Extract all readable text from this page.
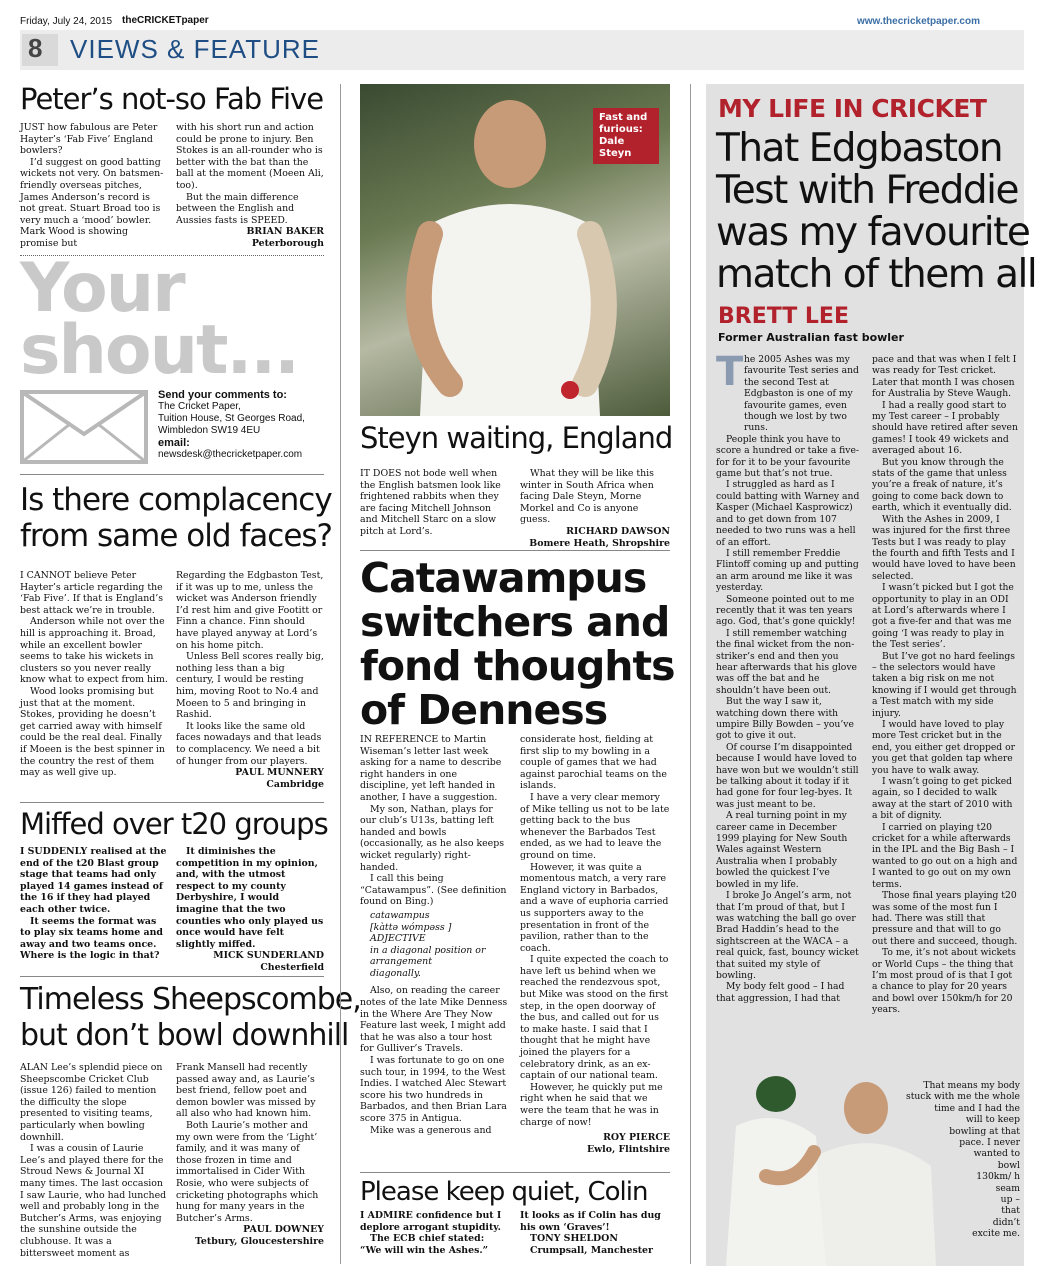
Friday, July 24, 2015 theCRICKETpaper	www.thecricketpaper.com
8 VIEWS & FEATURE
Peter’s not-so Fab Five

JUST how fabulous are Peter Hayter’s ‘Fab Five’ England bowlers?

I’d suggest on good batting wickets not very. On batsmen-friendly overseas pitches, James Anderson’s record is not great. Stuart Broad too is very much a ‘mood’ bowler. Mark Wood is showing promise but

with his short run and action could be prone to injury. Ben Stokes is an all-rounder who is better with the bat than the ball at the moment (Moeen Ali, too).

But the main difference between the English and Aussies fasts is SPEED.

BRIAN BAKER
Peterborough
Your
shout...
Send your comments to:
The Cricket Paper,
Tuition House, St Georges Road,
Wimbledon SW19 4EU
email:
newsdesk@thecricketpaper.com
Is there complacency
from same old faces?

I CANNOT believe Peter Hayter’s article regarding the ‘Fab Five’. If that is England’s best attack we’re in trouble.

Anderson while not over the hill is approaching it. Broad, while an excellent bowler seems to take his wickets in clusters so you never really know what to expect from him.

Wood looks promising but just that at the moment. Stokes, providing he doesn’t get carried away with himself could be the real deal. Finally if Moeen is the best spinner in the country the rest of them may as well give up.

Regarding the Edgbaston Test, if it was up to me, unless the wicket was Anderson friendly I’d rest him and give Footitt or Finn a chance. Finn should have played anyway at Lord’s on his home pitch.

Unless Bell scores really big, nothing less than a big century, I would be resting him, moving Root to No.4 and Moeen to 5 and bringing in Rashid.

It looks like the same old faces nowadays and that leads to complacency. We need a bit of hunger from our players.

PAUL MUNNERY
Cambridge
Miffed over t20 groups

I SUDDENLY realised at the end of the t20 Blast group stage that teams had only played 14 games instead of the 16 if they had played each other twice.

It seems the format was to play six teams home and away and two teams once. Where is the logic in that?

It diminishes the competition in my opinion, and, with the utmost respect to my county Derbyshire, I would imagine that the two counties who only played us once would have felt slightly miffed.

MICK SUNDERLAND
Chesterfield
Timeless Sheepscombe,
but don’t bowl downhill

ALAN Lee’s splendid piece on Sheepscombe Cricket Club (issue 126) failed to mention the difficulty the slope presented to visiting teams, particularly when bowling downhill.

I was a cousin of Laurie Lee’s and played there for the Stroud News & Journal XI many times. The last occasion I saw Laurie, who had lunched well and probably long in the Butcher’s Arms, was enjoying the sunshine outside the clubhouse. It was a bittersweet moment as

Frank Mansell had recently passed away and, as Laurie’s best friend, fellow poet and demon bowler was missed by all also who had known him.

Both Laurie’s mother and my own were from the ‘Light’ family, and it was many of those frozen in time and immortalised in Cider With Rosie, who were subjects of cricketing photographs which hung for many years in the Butcher’s Arms.

PAUL DOWNEY
Tetbury, Gloucestershire
Fast and
furious:
Dale Steyn
Steyn waiting, England

IT DOES not bode well when the English batsmen look like frightened rabbits when they are facing Mitchell Johnson and Mitchell Starc on a slow pitch at Lord’s.

What they will be like this winter in South Africa when facing Dale Steyn, Morne Morkel and Co is anyone guess.

RICHARD DAWSON
Bomere Heath, Shropshire
Catawampus
switchers and
fond thoughts
of Denness

IN REFERENCE to Martin Wiseman’s letter last week asking for a name to describe right handers in one discipline, yet left handed in another, I have a suggestion.

My son, Nathan, plays for our club’s U13s, batting left handed and bowls (occasionally, as he also keeps wicket regularly) right-handed.

I call this being “Catawampus”. (See definition found on Bing.)

catawampus
[kàttə wómpəss ]
ADJECTIVE
in a diagonal position or arrangement
diagonally.

Also, on reading the career notes of the late Mike Denness in the Where Are They Now Feature last week, I might add that he was also a tour host for Gulliver’s Travels.

I was fortunate to go on one such tour, in 1994, to the West Indies. I watched Alec Stewart score his two hundreds in Barbados, and then Brian Lara score 375 in Antigua.

Mike was a generous and

considerate host, fielding at first slip to my bowling in a couple of games that we had against parochial teams on the islands.

I have a very clear memory of Mike telling us not to be late getting back to the bus whenever the Barbados Test ended, as we had to leave the ground on time.

However, it was quite a momentous match, a very rare England victory in Barbados, and a wave of euphoria carried us supporters away to the presentation in front of the pavilion, rather than to the coach.

I quite expected the coach to have left us behind when we reached the rendezvous spot, but Mike was stood on the first step, in the open doorway of the bus, and called out for us to make haste. I said that I thought that he might have joined the players for a celebratory drink, as an ex-captain of our national team.

However, he quickly put me right when he said that we were the team that he was in charge of now!

ROY PIERCE
Ewlo, Flintshire
Please keep quiet, Colin

I ADMIRE confidence but I deplore arrogant stupidity.

The ECB chief stated: “We will win the Ashes.”

It looks as if Colin has dug his own ‘Graves’!

TONY SHELDON
Crumpsall, Manchester
MY LIFE IN CRICKET
That Edgbaston
Test with Freddie
was my favourite
match of them all
BRETT LEE
Former Australian fast bowler
T he 2005 Ashes was my favourite Test series and the second Test at Edgbaston is one of my favourite games, even though we lost by two runs.

People think you have to score a hundred or take a five-for for it to be your favourite game but that’s not true.

I struggled as hard as I could batting with Warney and Kasper (Michael Kasprowicz) and to get down from 107 needed to two runs was a hell of an effort.

I still remember Freddie Flintoff coming up and putting an arm around me like it was yesterday.

Someone pointed out to me recently that it was ten years ago. God, that’s gone quickly!

I still remember watching the final wicket from the non-striker’s end and then you hear afterwards that his glove was off the bat and he shouldn’t have been out.

But the way I saw it, watching down there with umpire Billy Bowden – you’ve got to give it out.

Of course I’m disappointed because I would have loved to have won but we wouldn’t still be talking about it today if it had gone for four leg-byes. It was just meant to be.

A real turning point in my career came in December 1999 playing for New South Wales against Western Australia when I probably bowled the quickest I’ve bowled in my life.

I broke Jo Angel’s arm, not that I’m proud of that, but I was watching the ball go over Brad Haddin’s head to the sightscreen at the WACA – a real quick, fast, bouncy wicket that suited my style of bowling.

My body felt good – I had that aggression, I had that

pace and that was when I felt I was ready for Test cricket. Later that month I was chosen for Australia by Steve Waugh.

I had a really good start to my Test career – I probably should have retired after seven games! I took 49 wickets and averaged about 16.

But you know through the stats of the game that unless you’re a freak of nature, it’s going to come back down to earth, which it eventually did.

With the Ashes in 2009, I was injured for the first three Tests but I was ready to play the fourth and fifth Tests and I would have loved to have been selected.

I wasn’t picked but I got the opportunity to play in an ODI at Lord’s afterwards where I got a five-fer and that was me going ‘I was ready to play in the Test series’.

But I’ve got no hard feelings – the selectors would have taken a big risk on me not knowing if I would get through a Test match with my side injury.

I would have loved to play more Test cricket but in the end, you either get dropped or you get that golden tap where you have to walk away.

I wasn’t going to get picked again, so I decided to walk away at the start of 2010 with a bit of dignity.

I carried on playing t20 cricket for a while afterwards in the IPL and the Big Bash – I wanted to go out on a high and I wanted to go out on my own terms.

Those final years playing t20 was some of the most fun I had. There was still that pressure and that will to go out there and succeed, though.

To me, it’s not about wickets or World Cups – the thing that I’m most proud of is that I got a chance to play for 20 years and bowl over 150km/h for 20 years.

That means my body
stuck with me the whole
time and I had the
will to keep
bowling at that
pace. I never
wanted to
bowl
130km/ h
seam
up –
that
didn’t
excite me.
